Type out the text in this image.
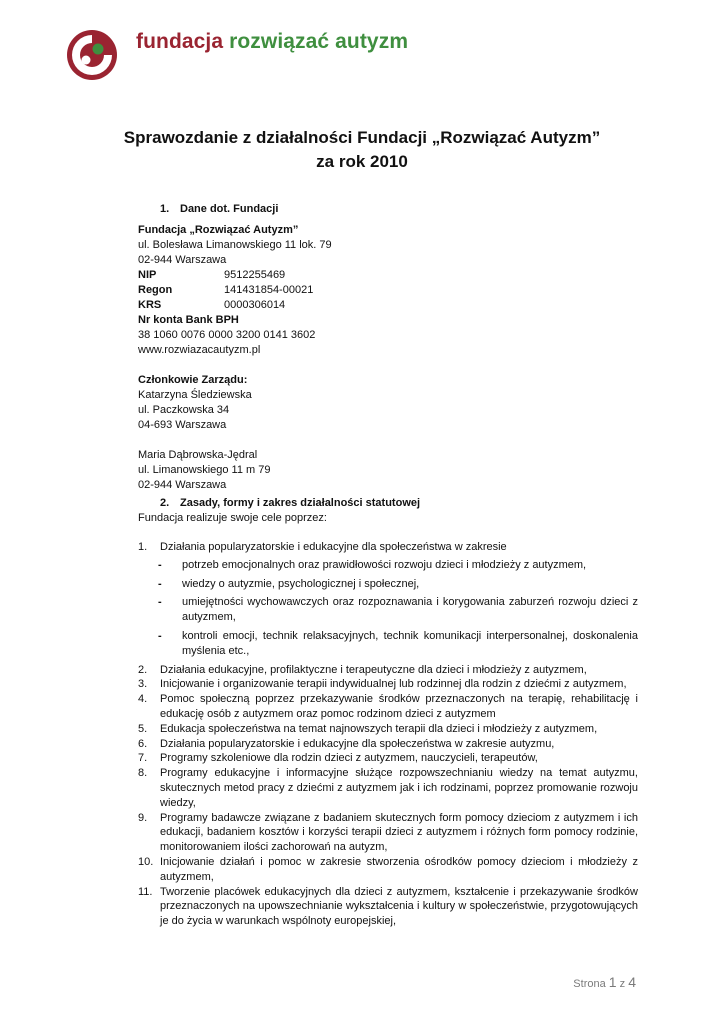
fundacja rozwiązać autyzm
Sprawozdanie z działalności Fundacji „Rozwiązać Autyzm”
za rok 2010
1. Dane dot. Fundacji
Fundacja „Rozwiązać Autyzm”
ul. Bolesława Limanowskiego 11 lok. 79
02-944 Warszawa
NIP	9512255469
Regon	141431854-00021
KRS	0000306014
Nr konta Bank BPH
38 1060 0076 0000 3200 0141 3602
www.rozwiazacautyzm.pl
Członkowie Zarządu:
Katarzyna Śledziewska
ul. Paczkowska 34
04-693 Warszawa
Maria Dąbrowska-Jędral
ul. Limanowskiego 11 m 79
02-944 Warszawa
2. Zasady, formy i zakres działalności statutowej
Fundacja realizuje swoje cele poprzez:
1. Działania popularyzatorskie i edukacyjne dla społeczeństwa w zakresie
- potrzeb emocjonalnych oraz prawidłowości rozwoju dzieci i młodzieży z autyzmem,
- wiedzy o autyzmie, psychologicznej i społecznej,
- umiejętności wychowawczych oraz rozpoznawania i korygowania zaburzeń rozwoju dzieci z autyzmem,
- kontroli emocji, technik relaksacyjnych, technik komunikacji interpersonalnej, doskonalenia myślenia etc.,
2. Działania edukacyjne, profilaktyczne i terapeutyczne dla dzieci i młodzieży z autyzmem,
3. Inicjowanie i organizowanie terapii indywidualnej lub rodzinnej dla rodzin z dziećmi z autyzmem,
4. Pomoc społeczną poprzez przekazywanie środków przeznaczonych na terapię, rehabilitację i edukację osób z autyzmem oraz pomoc rodzinom dzieci z autyzmem
5. Edukacja społeczeństwa na temat najnowszych terapii dla dzieci i młodzieży z autyzmem,
6. Działania popularyzatorskie i edukacyjne dla społeczeństwa w zakresie autyzmu,
7. Programy szkoleniowe dla rodzin dzieci z autyzmem, nauczycieli, terapeutów,
8. Programy edukacyjne i informacyjne służące rozpowszechnianiu wiedzy na temat autyzmu, skutecznych metod pracy z dziećmi z autyzmem jak i ich rodzinami, poprzez promowanie rozwoju wiedzy,
9. Programy badawcze związane z badaniem skutecznych form pomocy dzieciom z autyzmem i ich edukacji, badaniem kosztów i korzyści terapii dzieci z autyzmem i różnych form pomocy rodzinie, monitorowaniem ilości zachorowań na autyzm,
10. Inicjowanie działań i pomoc w zakresie stworzenia ośrodków pomocy dzieciom i młodzieży z autyzmem,
11. Tworzenie placówek edukacyjnych dla dzieci z autyzmem, kształcenie i przekazywanie środków przeznaczonych na upowszechnianie wykształcenia i kultury w społeczeństwie, przygotowujących je do życia w warunkach wspólnoty europejskiej,
Strona 1 z 4
